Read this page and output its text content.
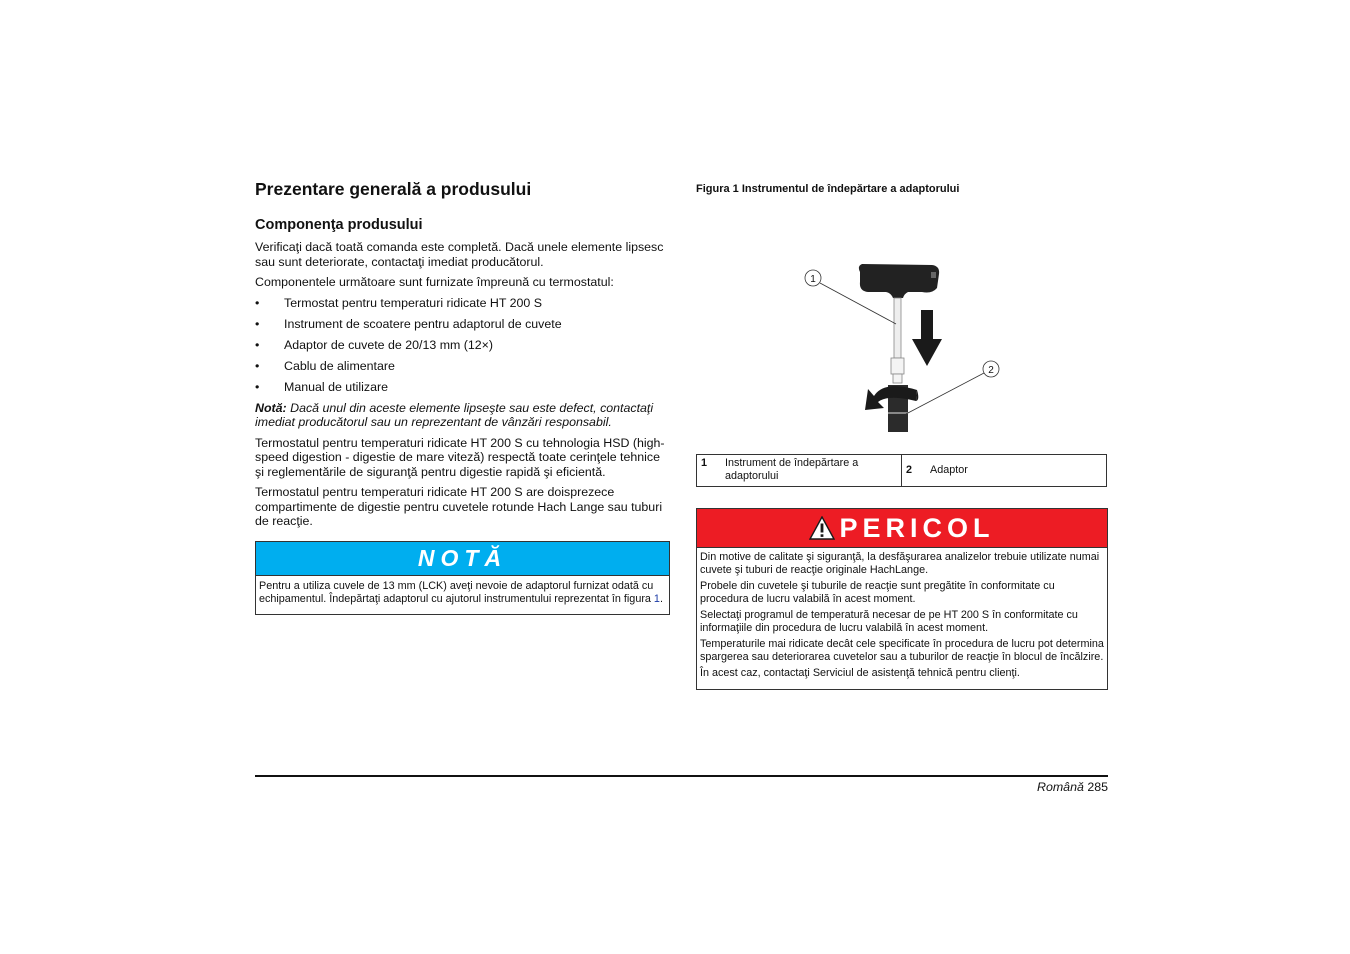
Prezentare generală a produsului
Componenţa produsului

Verificaţi dacă toată comanda este completă. Dacă unele elemente lipsesc sau sunt deteriorate, contactaţi imediat producătorul.

Componentele următoare sunt furnizate împreună cu termostatul:

• Termostat pentru temperaturi ridicate HT 200 S
• Instrument de scoatere pentru adaptorul de cuvete
• Adaptor de cuvete de 20/13 mm (12×)
• Cablu de alimentare
• Manual de utilizare

Notă: Dacă unul din aceste elemente lipseşte sau este defect, contactaţi imediat producătorul sau un reprezentant de vânzări responsabil.

Termostatul pentru temperaturi ridicate HT 200 S cu tehnologia HSD (high-speed digestion - digestie de mare viteză) respectă toate cerinţele tehnice şi reglementările de siguranţă pentru digestie rapidă şi eficientă.

Termostatul pentru temperaturi ridicate HT 200 S are doisprezece compartimente de digestie pentru cuvetele rotunde Hach Lange sau tuburi de reacţie.

NOTĂ
Pentru a utiliza cuvele de 13 mm (LCK) aveţi nevoie de adaptorul furnizat odată cu echipamentul. Îndepărtaţi adaptorul cu ajutorul instrumentului reprezentat în figura 1.
Figura 1 Instrumentul de îndepărtare a adaptorului
1
2
1 Instrument de îndepărtare a adaptorului	2 Adaptor
PERICOL

Din motive de calitate şi siguranţă, la desfăşurarea analizelor trebuie utilizate numai cuvete şi tuburi de reacţie originale HachLange.

Probele din cuvetele şi tuburile de reacţie sunt pregătite în conformitate cu procedura de lucru valabilă în acest moment.

Selectaţi programul de temperatură necesar de pe HT 200 S în conformitate cu informaţiile din procedura de lucru valabilă în acest moment.

Temperaturile mai ridicate decât cele specificate în procedura de lucru pot determina spargerea sau deteriorarea cuvetelor sau a tuburilor de reacţie în blocul de încălzire.

În acest caz, contactaţi Serviciul de asistenţă tehnică pentru clienţi.

Română 285
